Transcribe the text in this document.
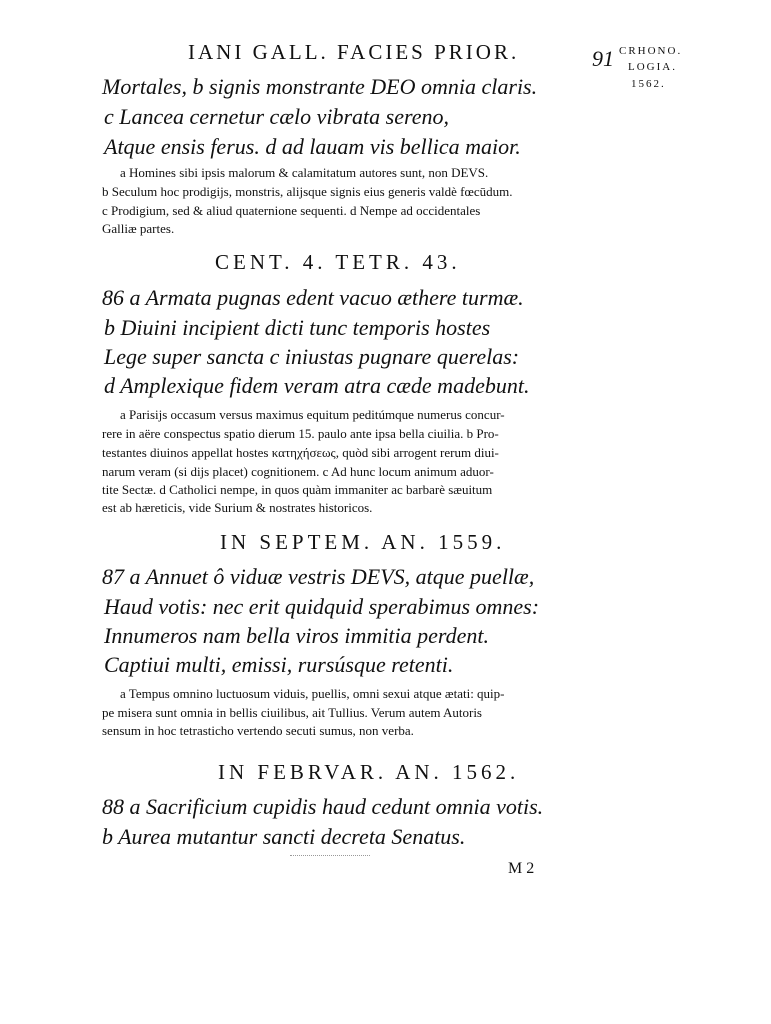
IANI GALL. FACIES PRIOR.	91 CRHONO.
LOGIA.
1562.
Mortales, b signis monstrante DEO omnia claris.
c Lancea cernetur cælo vibrata sereno,
Atque ensis ferus. d ad lauam vis bellica maior.
a Homines sibi ipsis malorum & calamitatum autores sunt, non DEVS.
b Seculum hoc prodigijs, monstris, alijsque signis eius generis valdè fœcūdum.
c Prodigium, sed & aliud quaternione sequenti. d Nempe ad occidentales
Galliæ partes.
CENT. 4. TETR. 43.
86 a Armata pugnas edent vacuo æthere turmæ.
b Diuini incipient dicti tunc temporis hostes
Lege super sancta c iniustas pugnare querelas:
d Amplexique fidem veram atra cæde madebunt.
a Parisijs occasum versus maximus equitum peditúmque numerus concur-
rere in aëre conspectus spatio dierum 15. paulo ante ipsa bella ciuilia. b Pro-
testantes diuinos appellat hostes κατηχήσεως, quòd sibi arrogent rerum diui-
narum veram (si dijs placet) cognitionem. c Ad hunc locum animum aduor-
tite Sectæ. d Catholici nempe, in quos quàm immaniter ac barbarè sæuitum
est ab hæreticis, vide Surium & nostrates historicos.
IN SEPTEM. AN. 1559.
87 a Annuet ô viduæ vestris DEVS, atque puellæ,
Haud votis: nec erit quidquid sperabimus omnes:
Innumeros nam bella viros immitia perdent.
Captiui multi, emissi, rursúsque retenti.
a Tempus omnino luctuosum viduis, puellis, omni sexui atque ætati: quip-
pe misera sunt omnia in bellis ciuilibus, ait Tullius. Verum autem Autoris
sensum in hoc tetrasticho vertendo secuti sumus, non verba.
IN FEBRVAR. AN. 1562.
88 a Sacrificium cupidis haud cedunt omnia votis.
b Aurea mutantur sancti decreta Senatus.
M 2
